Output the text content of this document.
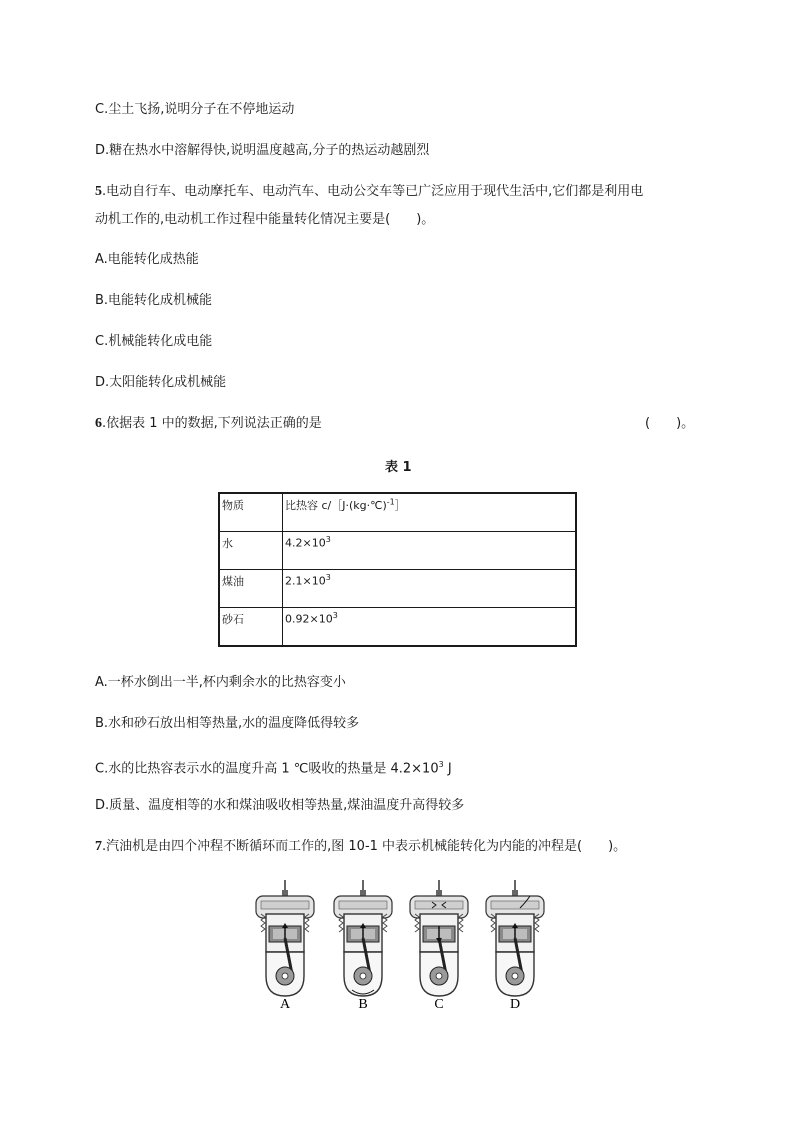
C.尘土飞扬,说明分子在不停地运动
D.糖在热水中溶解得快,说明温度越高,分子的热运动越剧烈
5.电动自行车、电动摩托车、电动汽车、电动公交车等已广泛应用于现代生活中,它们都是利用电
动机工作的,电动机工作过程中能量转化情况主要是(　　)。
A.电能转化成热能
B.电能转化成机械能
C.机械能转化成电能
D.太阳能转化成机械能
6.依据表 1 中的数据,下列说法正确的是	(　　)。
表 1
物质	比热容 c/［J·(kg·℃)$^{-1}$］
水	$4.2\times 10^3$
煤油	$2.1\times 10^3$
砂石	$0.92\times 10^3$
A.一杯水倒出一半,杯内剩余水的比热容变小
B.水和砂石放出相等热量,水的温度降低得较多
C.水的比热容表示水的温度升高 1 ℃吸收的热量是 $4.2\times 10^3$ J
D.质量、温度相等的水和煤油吸收相等热量,煤油温度升高得较多
7.汽油机是由四个冲程不断循环而工作的,图 10-1 中表示机械能转化为内能的冲程是(　　)。
A	B	C	D
